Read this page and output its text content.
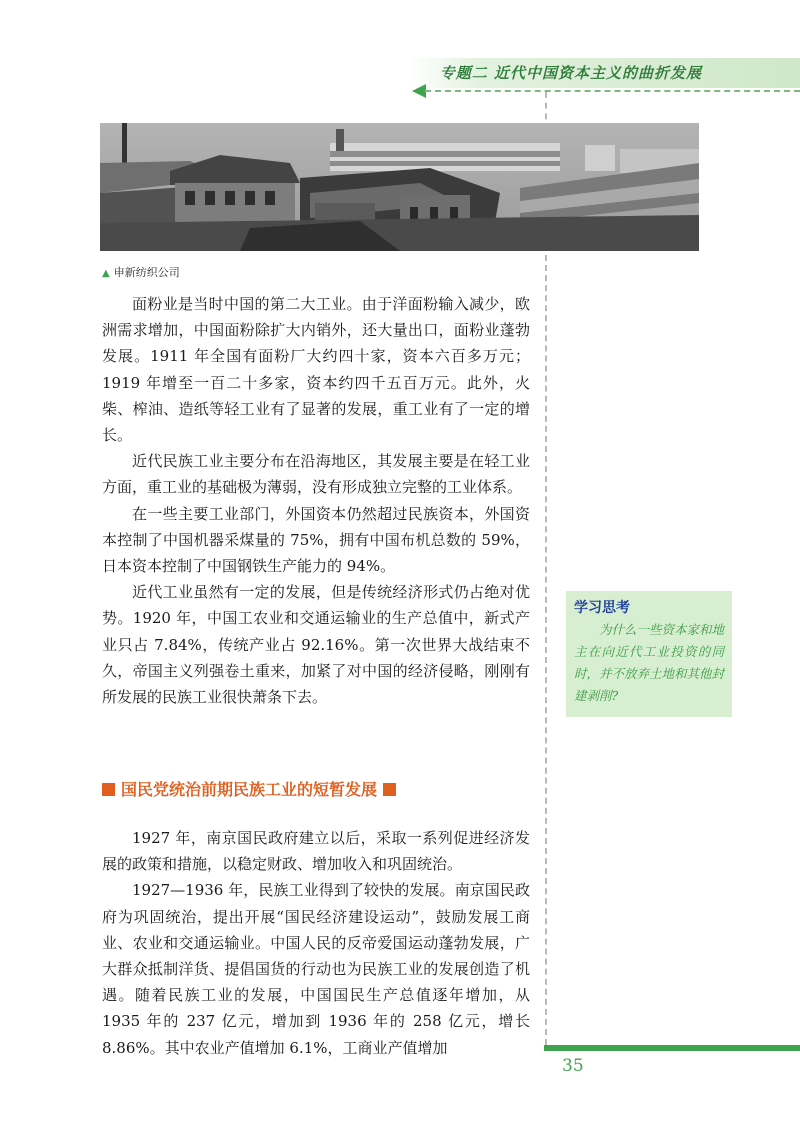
专题二 近代中国资本主义的曲折发展
▲ 申新纺织公司

面粉业是当时中国的第二大工业。由于洋面粉输入减少，欧洲需求增加，中国面粉除扩大内销外，还大量出口，面粉业蓬勃发展。1911 年全国有面粉厂大约四十家，资本六百多万元；1919 年增至一百二十多家，资本约四千五百万元。此外，火柴、榨油、造纸等轻工业有了显著的发展，重工业有了一定的增长。

近代民族工业主要分布在沿海地区，其发展主要是在轻工业方面，重工业的基础极为薄弱，没有形成独立完整的工业体系。

在一些主要工业部门，外国资本仍然超过民族资本，外国资本控制了中国机器采煤量的 75%，拥有中国布机总数的 59%，日本资本控制了中国钢铁生产能力的 94%。

近代工业虽然有一定的发展，但是传统经济形式仍占绝对优势。1920 年，中国工农业和交通运输业的生产总值中，新式产业只占 7.84%，传统产业占 92.16%。第一次世界大战结束不久，帝国主义列强卷土重来，加紧了对中国的经济侵略，刚刚有所发展的民族工业很快萧条下去。

国民党统治前期民族工业的短暂发展

1927 年，南京国民政府建立以后，采取一系列促进经济发展的政策和措施，以稳定财政、增加收入和巩固统治。

1927—1936 年，民族工业得到了较快的发展。南京国民政府为巩固统治，提出开展“国民经济建设运动”，鼓励发展工商业、农业和交通运输业。中国人民的反帝爱国运动蓬勃发展，广大群众抵制洋货、提倡国货的行动也为民族工业的发展创造了机遇。随着民族工业的发展，中国国民生产总值逐年增加，从 1935 年的 237 亿元，增加到 1936 年的 258 亿元，增长 8.86%。其中农业产值增加 6.1%，工商业产值增加

学习思考
为什么一些资本家和地主在向近代工业投资的同时，并不放弃土地和其他封建剥削?
35
